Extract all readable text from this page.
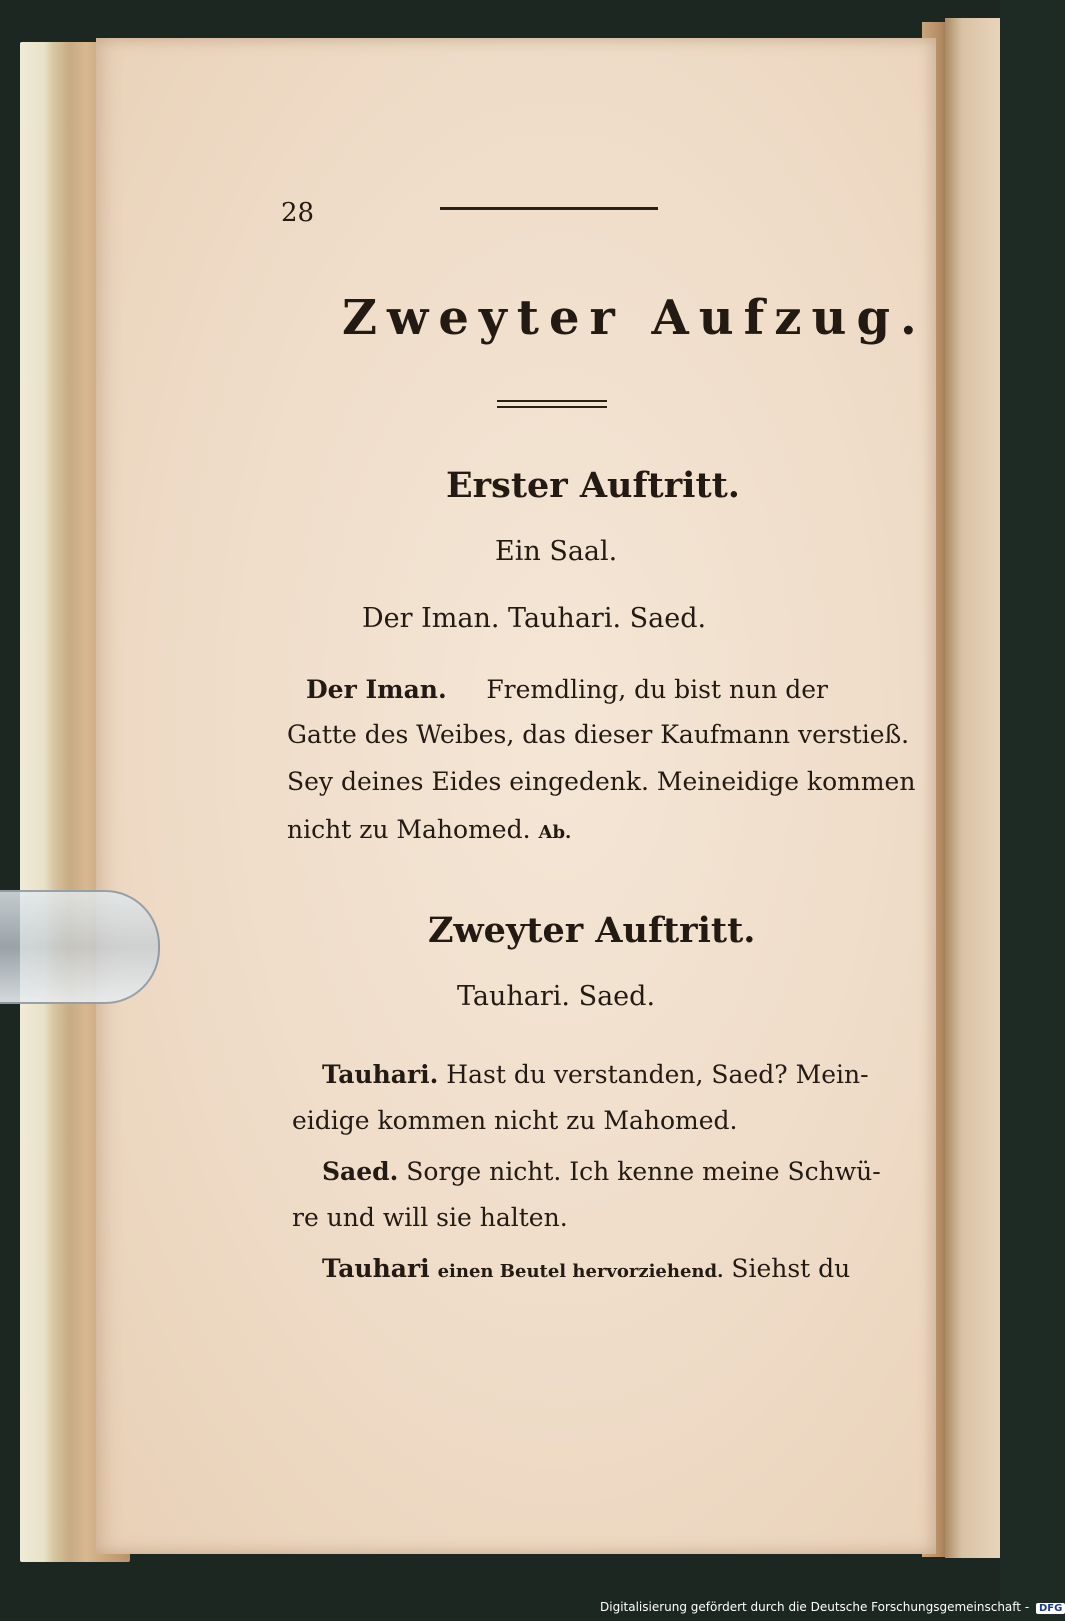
28
Zweyter Aufzug.
Erster Auftritt.
Ein Saal.
Der Iman. Tauhari. Saed.
Der Iman. Fremdling, du bist nun der
Gatte des Weibes, das dieser Kaufmann verstieß.
Sey deines Eides eingedenk. Meineidige kommen
nicht zu Mahomed. Ab.
Zweyter Auftritt.
Tauhari. Saed.
Tauhari. Hast du verstanden, Saed? Mein-
eidige kommen nicht zu Mahomed.
Saed. Sorge nicht. Ich kenne meine Schwü-
re und will sie halten.
Tauhari einen Beutel hervorziehend. Siehst du
Digitalisierung gefördert durch die Deutsche Forschungsgemeinschaft - DFG
